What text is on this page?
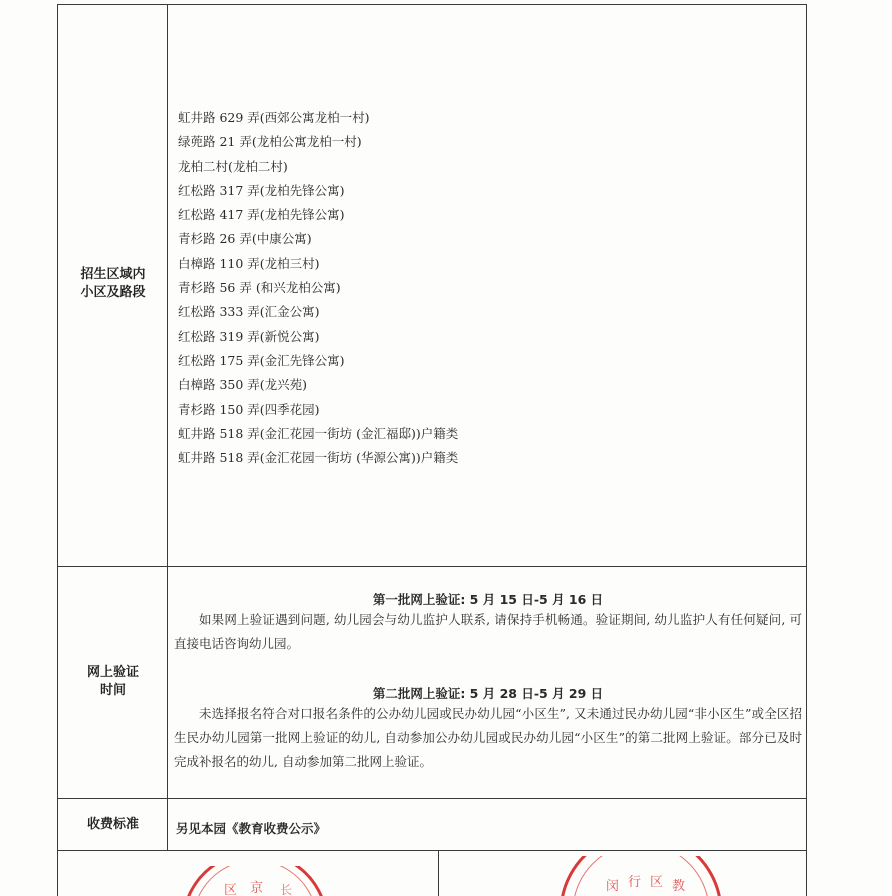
招生区域内
小区及路段
虹井路 629 弄(西郊公寓龙柏一村)
绿蔸路 21 弄(龙柏公寓龙柏一村)
龙柏二村(龙柏二村)
红松路 317 弄(龙柏先锋公寓)
红松路 417 弄(龙柏先锋公寓)
青杉路 26 弄(中康公寓)
白樟路 110 弄(龙柏三村)
青杉路 56 弄 (和兴龙柏公寓)
红松路 333 弄(汇金公寓)
红松路 319 弄(新悦公寓)
红松路 175 弄(金汇先锋公寓)
白樟路 350 弄(龙兴苑)
青杉路 150 弄(四季花园)
虹井路 518 弄(金汇花园一街坊 (金汇福邸))户籍类
虹井路 518 弄(金汇花园一街坊 (华源公寓))户籍类
网上验证
时间
第一批网上验证: 5 月 15 日-5 月 16 日
如果网上验证遇到问题, 幼儿园会与幼儿监护人联系, 请保持手机畅通。验证期间, 幼儿监护人有任何疑问, 可直接电话咨询幼儿园。
第二批网上验证: 5 月 28 日-5 月 29 日
未选择报名符合对口报名条件的公办幼儿园或民办幼儿园“小区生”, 又未通过民办幼儿园“非小区生”或全区招生民办幼儿园第一批网上验证的幼儿, 自动参加公办幼儿园或民办幼儿园“小区生”的第二批网上验证。部分已及时完成补报名的幼儿, 自动参加第二批网上验证。
收费标准	另见本园《教育收费公示》
区 京 长	闵 行 区 教
